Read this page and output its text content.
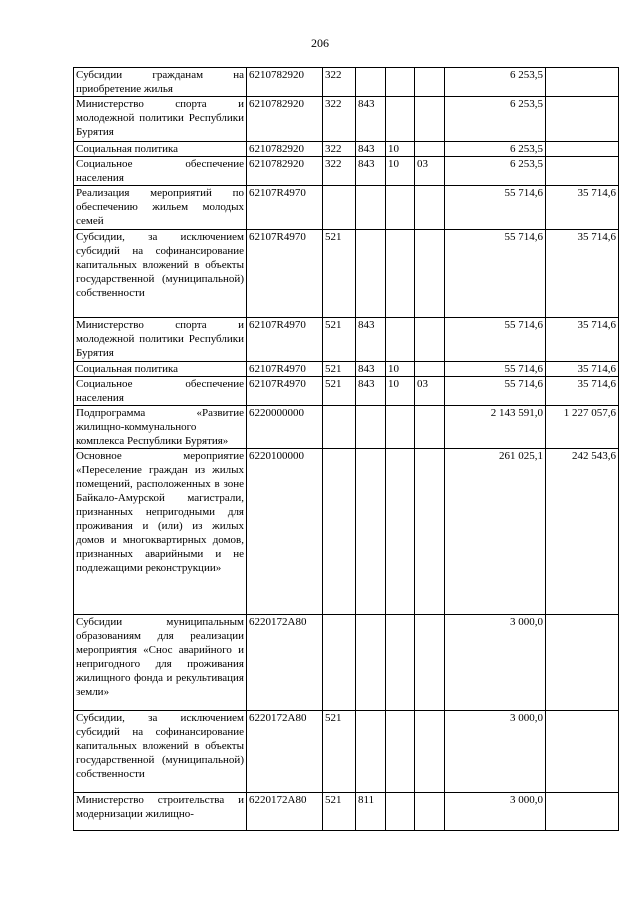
206
Субсидии гражданам на приобретение жилья	6210782920	322				6 253,5	
Министерство спорта и молодежной политики Республики Бурятия	6210782920	322	843			6 253,5	
Социальная политика	6210782920	322	843	10		6 253,5	
Социальное обеспечение населения	6210782920	322	843	10	03	6 253,5	
Реализация мероприятий по обеспечению жильем молодых семей	62107R4970					55 714,6	35 714,6
Субсидии, за исключением субсидий на софинансирование капитальных вложений в объекты государственной (муниципальной) собственности	62107R4970	521				55 714,6	35 714,6
Министерство спорта и молодежной политики Республики Бурятия	62107R4970	521	843			55 714,6	35 714,6
Социальная политика	62107R4970	521	843	10		55 714,6	35 714,6
Социальное обеспечение населения	62107R4970	521	843	10	03	55 714,6	35 714,6
Подпрограмма «Развитие жилищно-коммунального комплекса Республики Бурятия»	6220000000					2 143 591,0	1 227 057,6
Основное мероприятие «Переселение граждан из жилых помещений, расположенных в зоне Байкало-Амурской магистрали, признанных непригодными для проживания и (или) из жилых домов и многоквартирных домов, признанных аварийными и не подлежащими реконструкции»	6220100000					261 025,1	242 543,6
Субсидии муниципальным образованиям для реализации мероприятия «Снос аварийного и непригодного для проживания жилищного фонда и рекультивация земли»	6220172A80					3 000,0	
Субсидии, за исключением субсидий на софинансирование капитальных вложений в объекты государственной (муниципальной) собственности	6220172A80	521				3 000,0	
Министерство строительства и модернизации жилищно-	6220172A80	521	811			3 000,0	
